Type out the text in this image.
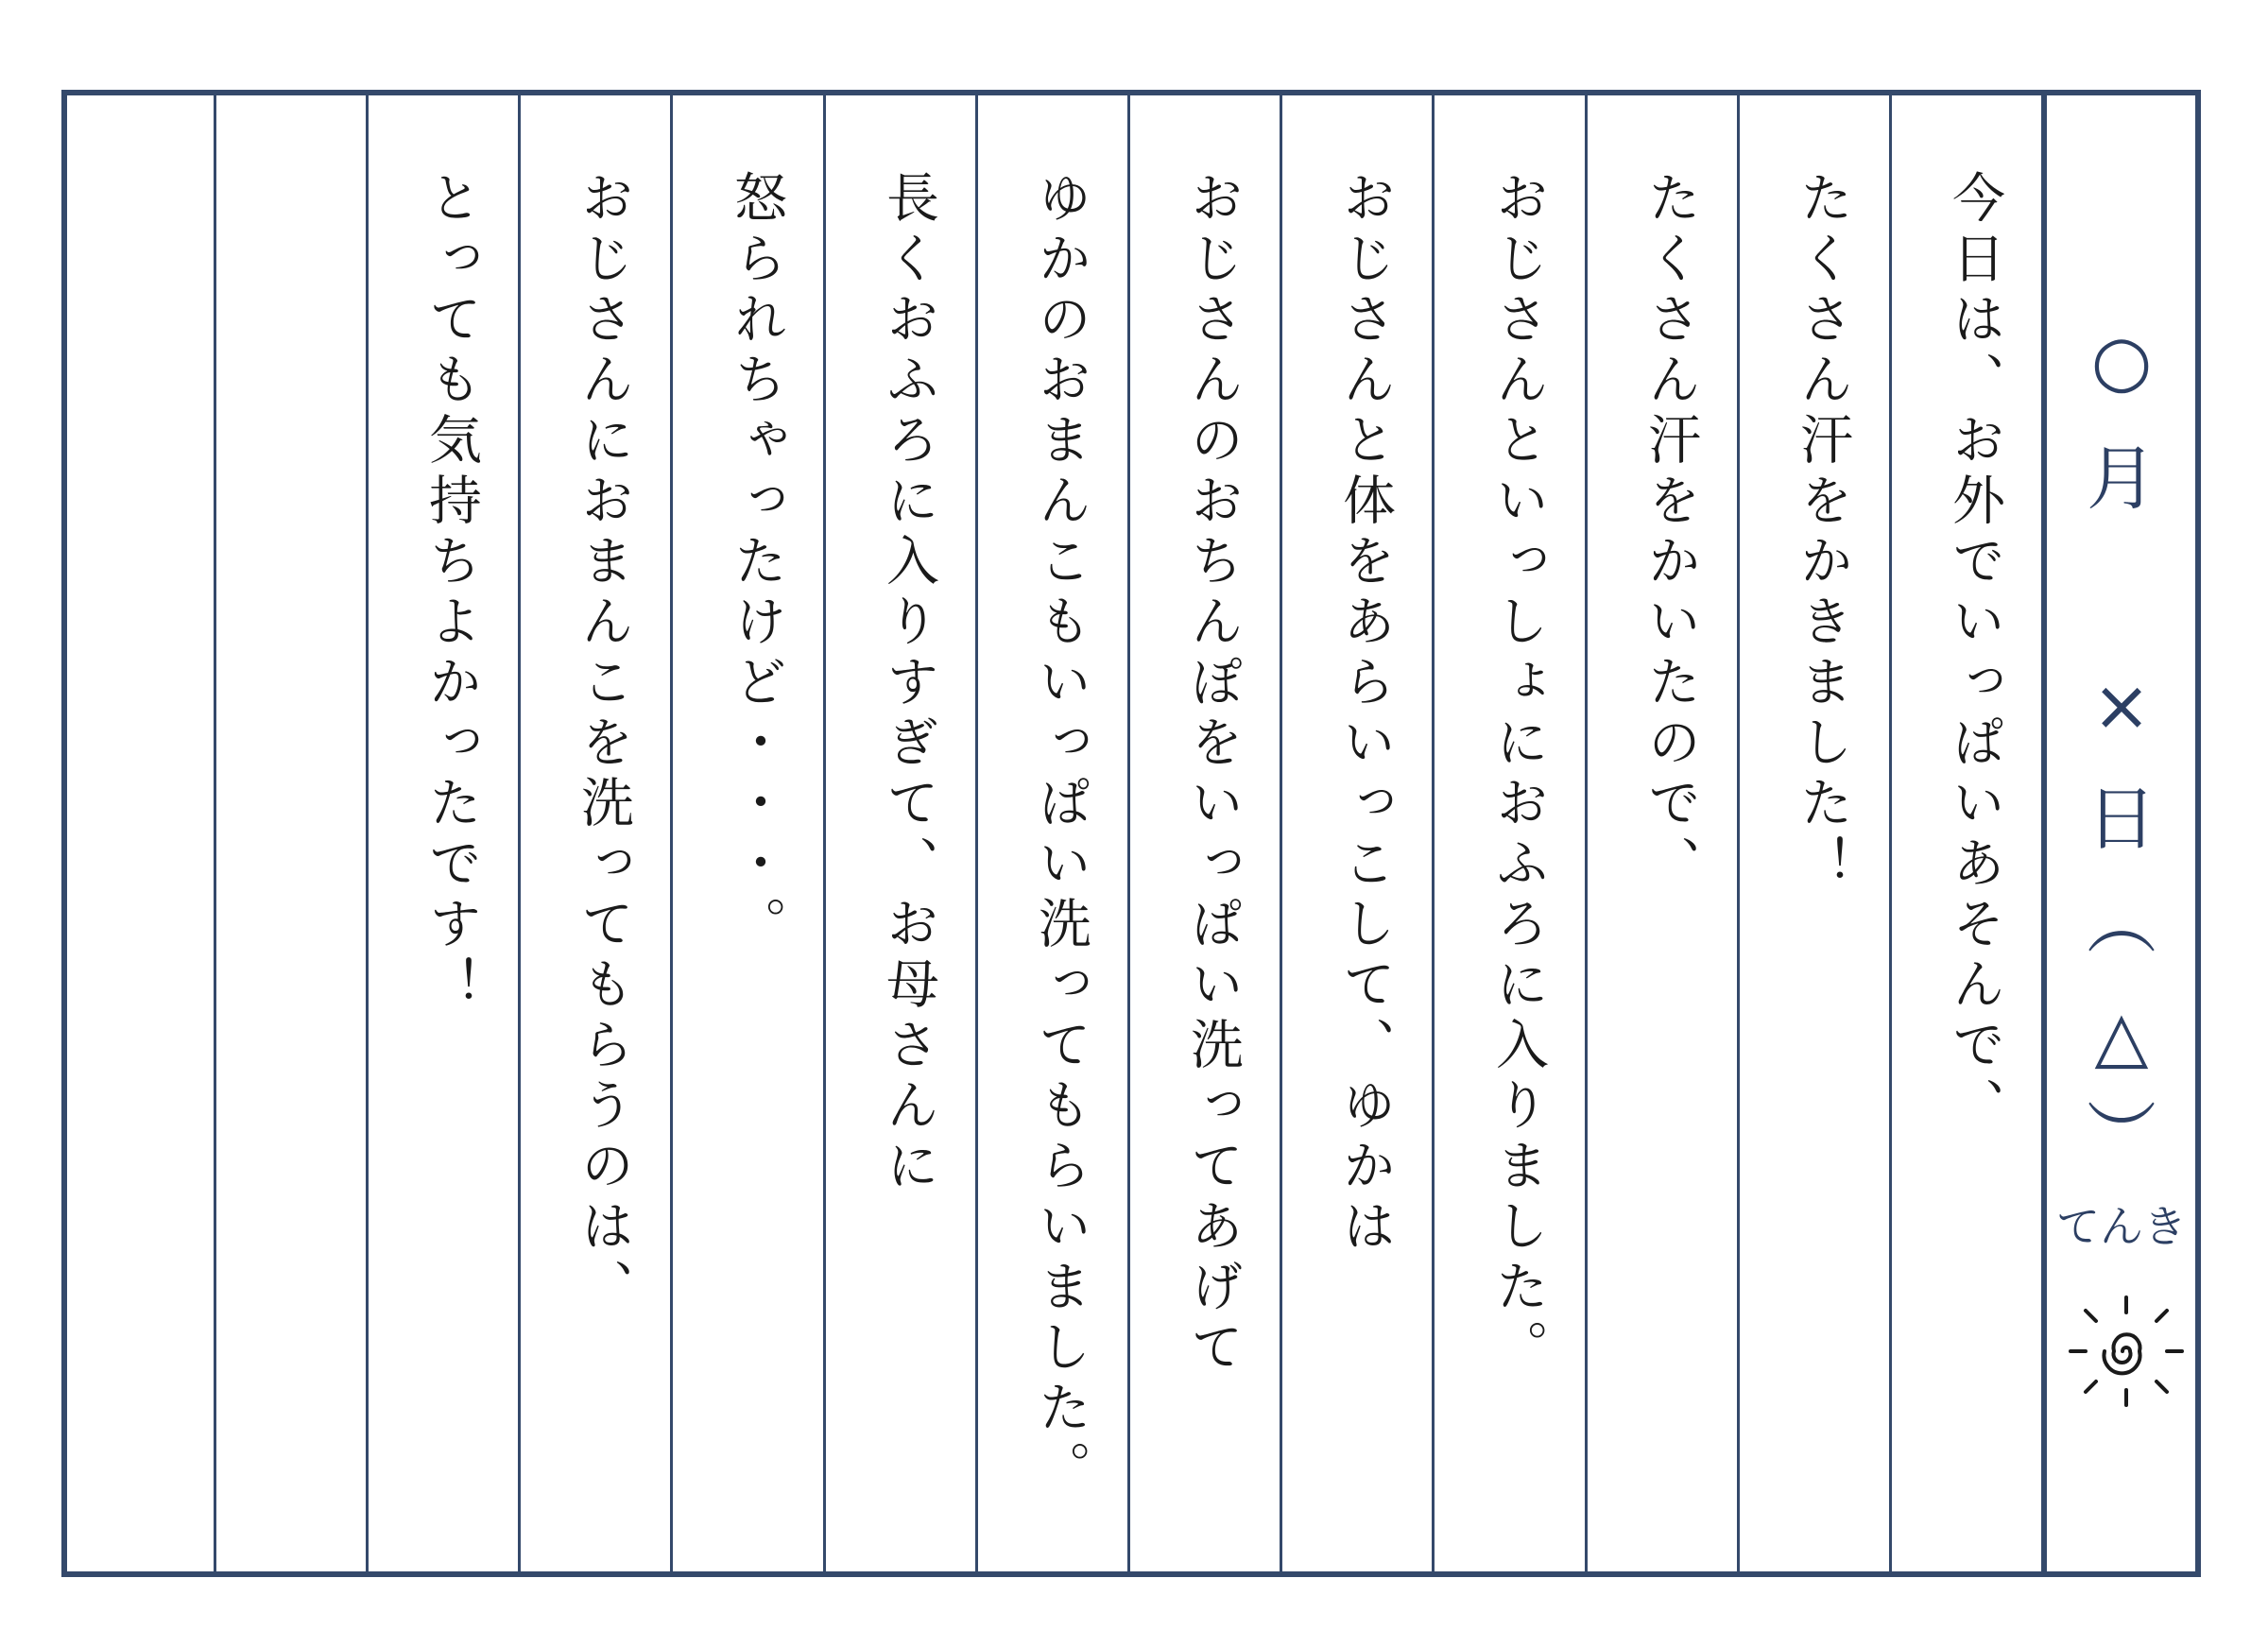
今日は、お外でいっぱいあそんで、
たくさん汗をかきました！
たくさん汗をかいたので、
おじさんといっしょにおふろに入りました。
おじさんと体をあらいっこして、ゆかは
おじさんのおちんぽをいっぱい洗ってあげて
ゆかのおまんこもいっぱい洗ってもらいました。
長くおふろに入りすぎて、お母さんに
怒られちゃったけど・・・。
おじさんにおまんこを洗ってもらうのは、
とっても気持ちよかったです！	○
月
×
日
︵
△
︶
てんき
